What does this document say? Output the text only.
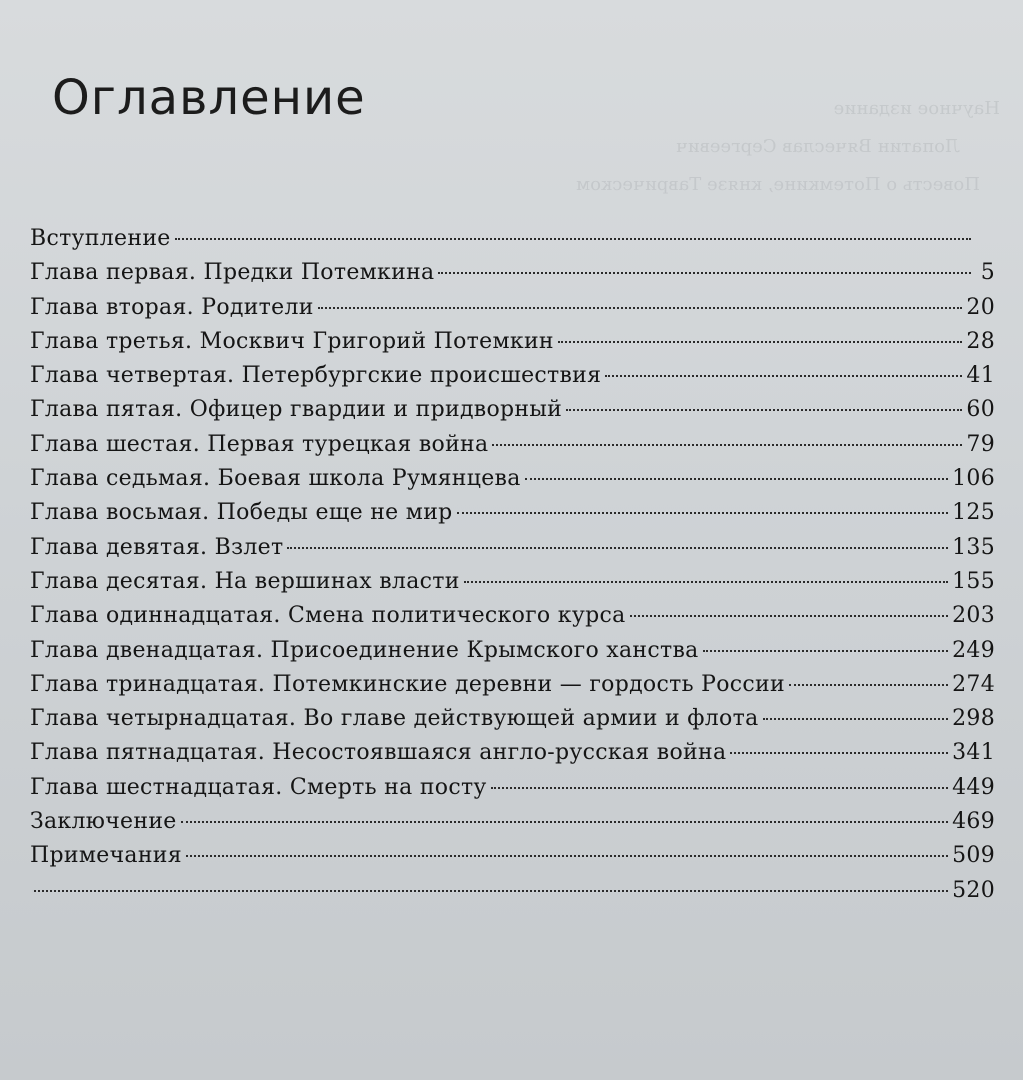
Научное издание
Лопатин Вячеслав Сергеевич
Повесть о Потемкине, князе Таврическом
Оглавление
Вступление
Глава первая. Предки Потемкина	5
Глава вторая. Родители	20
Глава третья. Москвич Григорий Потемкин	28
Глава четвертая. Петербургские происшествия	41
Глава пятая. Офицер гвардии и придворный	60
Глава шестая. Первая турецкая война	79
Глава седьмая. Боевая школа Румянцева	106
Глава восьмая. Победы еще не мир	125
Глава девятая. Взлет	135
Глава десятая. На вершинах власти	155
Глава одиннадцатая. Смена политического курса	203
Глава двенадцатая. Присоединение Крымского ханства	249
Глава тринадцатая. Потемкинские деревни — гордость России	274
Глава четырнадцатая. Во главе действующей армии и флота	298
Глава пятнадцатая. Несостоявшаяся англо-русская война	341
Глава шестнадцатая. Смерть на посту	449
Заключение	469
Примечания	509
520
